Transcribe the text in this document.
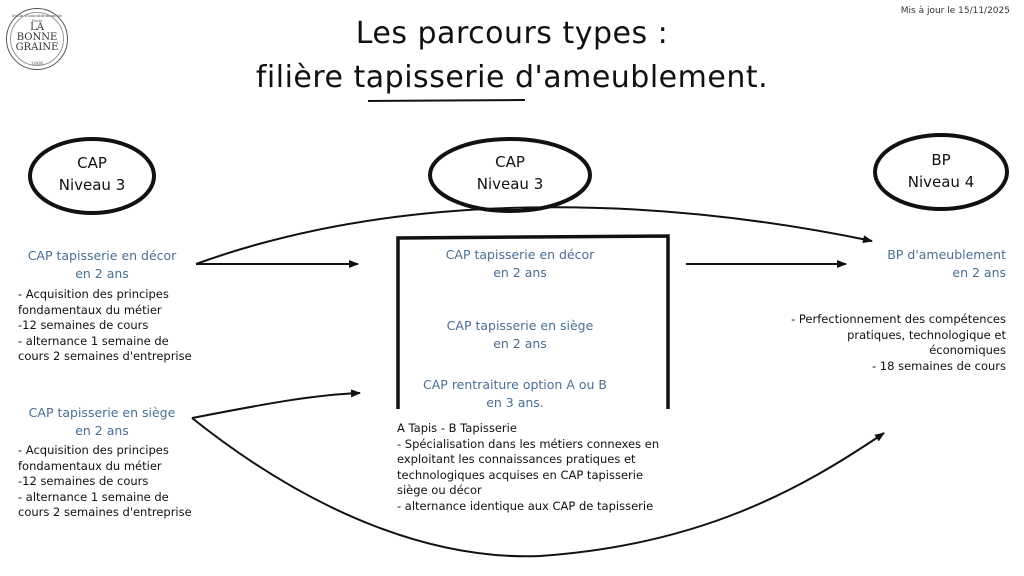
Ecole d'ameublement de Paris
LA
BONNE
GRAINE
1866
Mis à jour le 15/11/2025
Les parcours types :
filière tapisserie d'ameublement.
CAP
Niveau 3
CAP
Niveau 3
BP
Niveau 4
CAP tapisserie en décor
en 2 ans
- Acquisition des principes
fondamentaux du métier
-12 semaines de cours
- alternance 1 semaine de
cours 2 semaines d'entreprise
CAP tapisserie en siège
en 2 ans
- Acquisition des principes
fondamentaux du métier
-12 semaines de cours
- alternance 1 semaine de
cours 2 semaines d'entreprise
CAP tapisserie en décor
en 2 ans
CAP tapisserie en siège
en 2 ans
CAP rentraiture option A ou B
en 3 ans.
A Tapis - B Tapisserie
- Spécialisation dans les métiers connexes en
exploitant les connaissances pratiques et
technologiques acquises en CAP tapisserie
siège ou décor
- alternance identique aux CAP de tapisserie
BP d'ameublement
en 2 ans
- Perfectionnement des compétences
pratiques, technologique et
économiques
- 18 semaines de cours
